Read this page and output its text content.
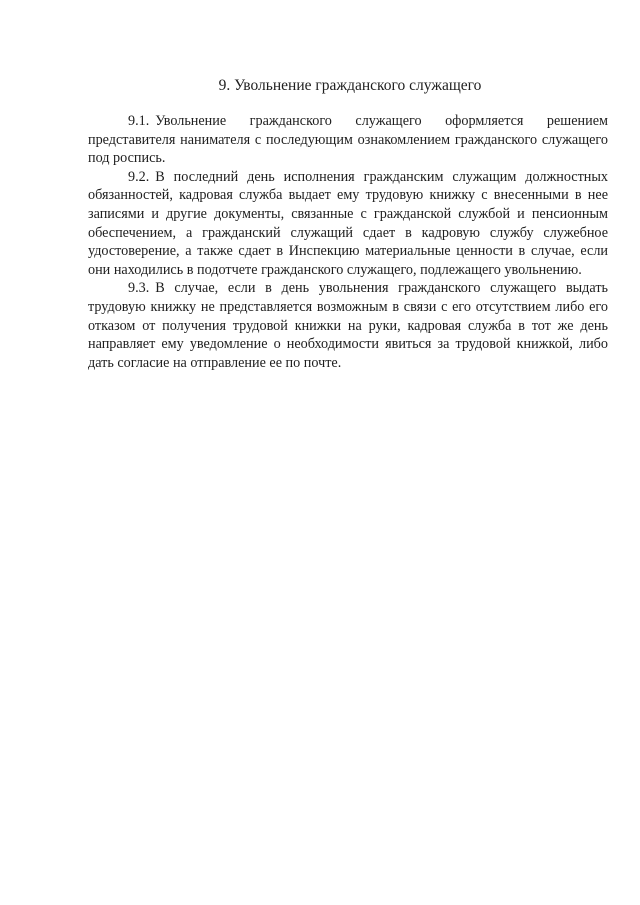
9. Увольнение гражданского служащего

9.1. Увольнение гражданского служащего оформляется решением представителя нанимателя с последующим ознакомлением гражданского служащего под роспись.

9.2. В последний день исполнения гражданским служащим должностных обязанностей, кадровая служба выдает ему трудовую книжку с внесенными в нее записями и другие документы, связанные с гражданской службой и пенсионным обеспечением, а гражданский служащий сдает в кадровую службу служебное удостоверение, а также сдает в Инспекцию материальные ценности в случае, если они находились в подотчете гражданского служащего, подлежащего увольнению.

9.3. В случае, если в день увольнения гражданского служащего выдать трудовую книжку не представляется возможным в связи с его отсутствием либо его отказом от получения трудовой книжки на руки, кадровая служба в тот же день направляет ему уведомление о необходимости явиться за трудовой книжкой, либо дать согласие на отправление ее по почте.
